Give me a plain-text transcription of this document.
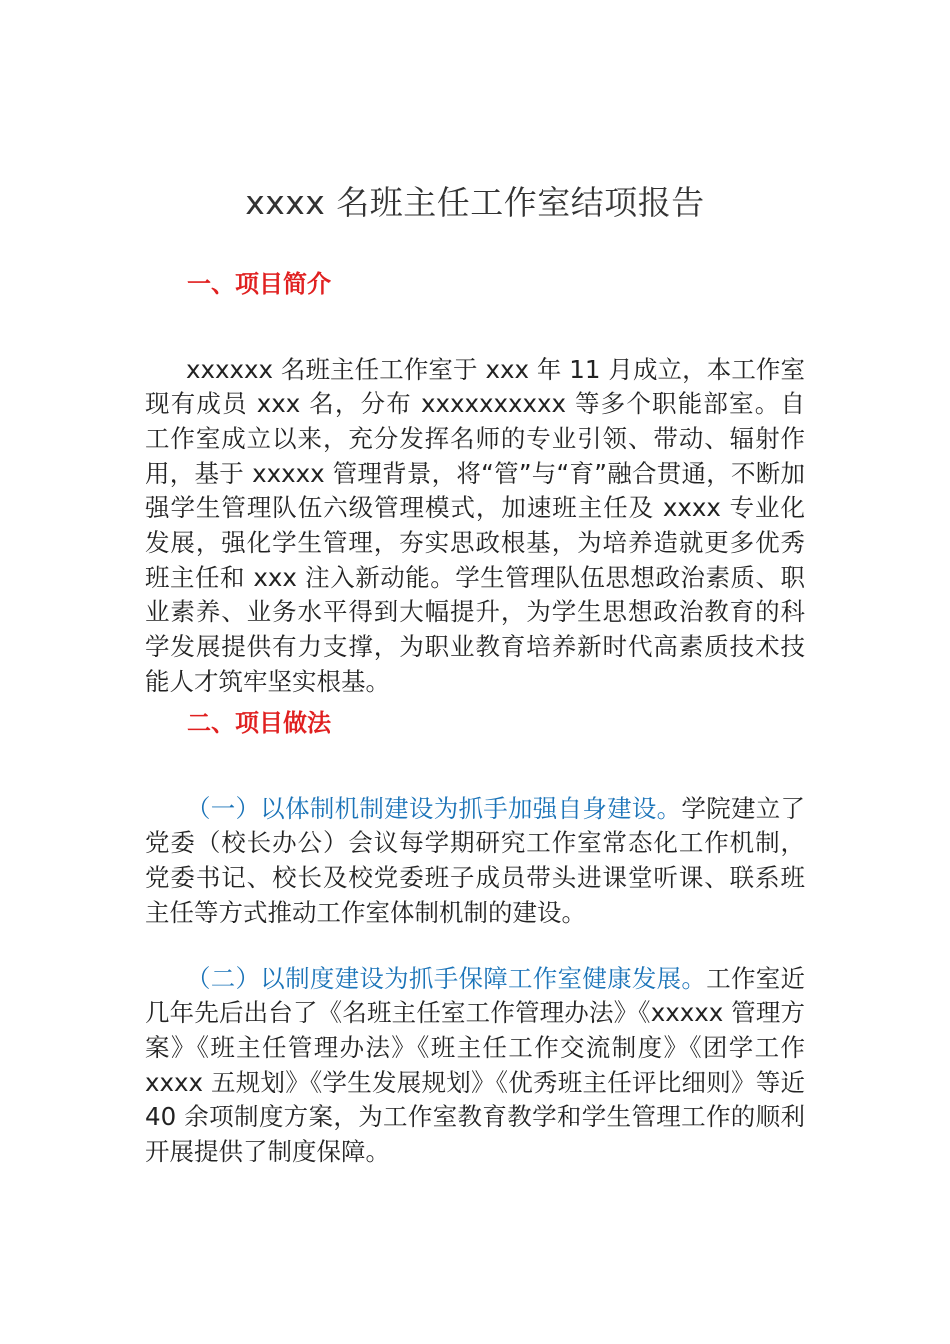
xxxx 名班主任工作室结项报告
一、项目简介

xxxxxx 名班主任工作室于 xxx 年 11 月成立，本工作室现有成员 xxx 名，分布 xxxxxxxxxx 等多个职能部室。自工作室成立以来，充分发挥名师的专业引领、带动、辐射作用，基于 xxxxx 管理背景，将“管”与“育”融合贯通，不断加强学生管理队伍六级管理模式，加速班主任及 xxxx 专业化发展，强化学生管理，夯实思政根基，为培养造就更多优秀班主任和 xxx 注入新动能。学生管理队伍思想政治素质、职业素养、业务水平得到大幅提升，为学生思想政治教育的科学发展提供有力支撑，为职业教育培养新时代高素质技术技能人才筑牢坚实根基。

二、项目做法

（一）以体制机制建设为抓手加强自身建设。学院建立了党委（校长办公）会议每学期研究工作室常态化工作机制，党委书记、校长及校党委班子成员带头进课堂听课、联系班主任等方式推动工作室体制机制的建设。

（二）以制度建设为抓手保障工作室健康发展。工作室近几年先后出台了《名班主任室工作管理办法》《xxxxx 管理方案》《班主任管理办法》《班主任工作交流制度》《团学工作 xxxx 五规划》《学生发展规划》《优秀班主任评比细则》等近 40 余项制度方案，为工作室教育教学和学生管理工作的顺利开展提供了制度保障。
